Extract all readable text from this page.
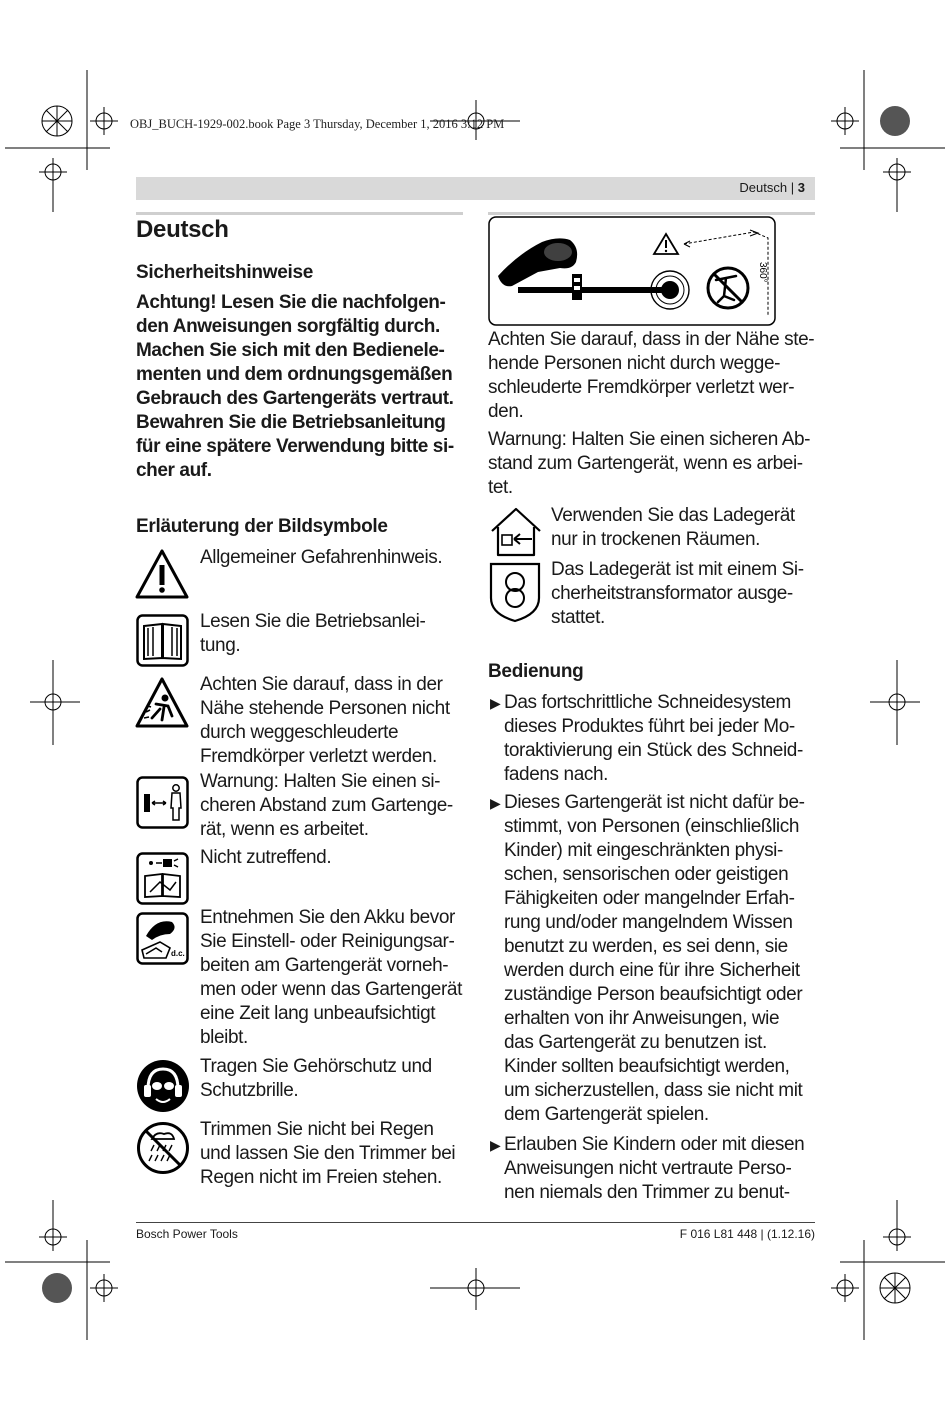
OBJ_BUCH-1929-002.book Page 3 Thursday, December 1, 2016 3:12 PM
Deutsch | 3
Deutsch
Sicherheitshinweise
Achtung! Lesen Sie die nachfolgen-
den Anweisungen sorgfältig durch.
Machen Sie sich mit den Bedienele-
menten und dem ordnungsgemäßen
Gebrauch des Gartengeräts vertraut.
Bewahren Sie die Betriebsanleitung
für eine spätere Verwendung bitte si-
cher auf.
Erläuterung der Bildsymbole
Allgemeiner Gefahrenhinweis.
Lesen Sie die Betriebsanlei-
tung.
Achten Sie darauf, dass in der
Nähe stehende Personen nicht
durch weggeschleuderte
Fremdkörper verletzt werden.
Warnung: Halten Sie einen si-
cheren Abstand zum Gartenge-
rät, wenn es arbeitet.
Nicht zutreffend.
d.c.
Entnehmen Sie den Akku bevor
Sie Einstell- oder Reinigungsar-
beiten am Gartengerät vorneh-
men oder wenn das Gartengerät
eine Zeit lang unbeaufsichtigt
bleibt.
Tragen Sie Gehörschutz und
Schutzbrille.
Trimmen Sie nicht bei Regen
und lassen Sie den Trimmer bei
Regen nicht im Freien stehen.
360°
Achten Sie darauf, dass in der Nähe ste-
hende Personen nicht durch wegge-
schleuderte Fremdkörper verletzt wer-
den.
Warnung: Halten Sie einen sicheren Ab-
stand zum Gartengerät, wenn es arbei-
tet.
Verwenden Sie das Ladegerät
nur in trockenen Räumen.
Das Ladegerät ist mit einem Si-
cherheitstransformator ausge-
stattet.
Bedienung
▶ Das fortschrittliche Schneidesystem
dieses Produktes führt bei jeder Mo-
toraktivierung ein Stück des Schneid-
fadens nach.
▶ Dieses Gartengerät ist nicht dafür be-
stimmt, von Personen (einschließlich
Kinder) mit eingeschränkten physi-
schen, sensorischen oder geistigen
Fähigkeiten oder mangelnder Erfah-
rung und/oder mangelndem Wissen
benutzt zu werden, es sei denn, sie
werden durch eine für ihre Sicherheit
zuständige Person beaufsichtigt oder
erhalten von ihr Anweisungen, wie
das Gartengerät zu benutzen ist.
Kinder sollten beaufsichtigt werden,
um sicherzustellen, dass sie nicht mit
dem Gartengerät spielen.
▶ Erlauben Sie Kindern oder mit diesen
Anweisungen nicht vertraute Perso-
nen niemals den Trimmer zu benut-
Bosch Power Tools	F 016 L81 448 | (1.12.16)
